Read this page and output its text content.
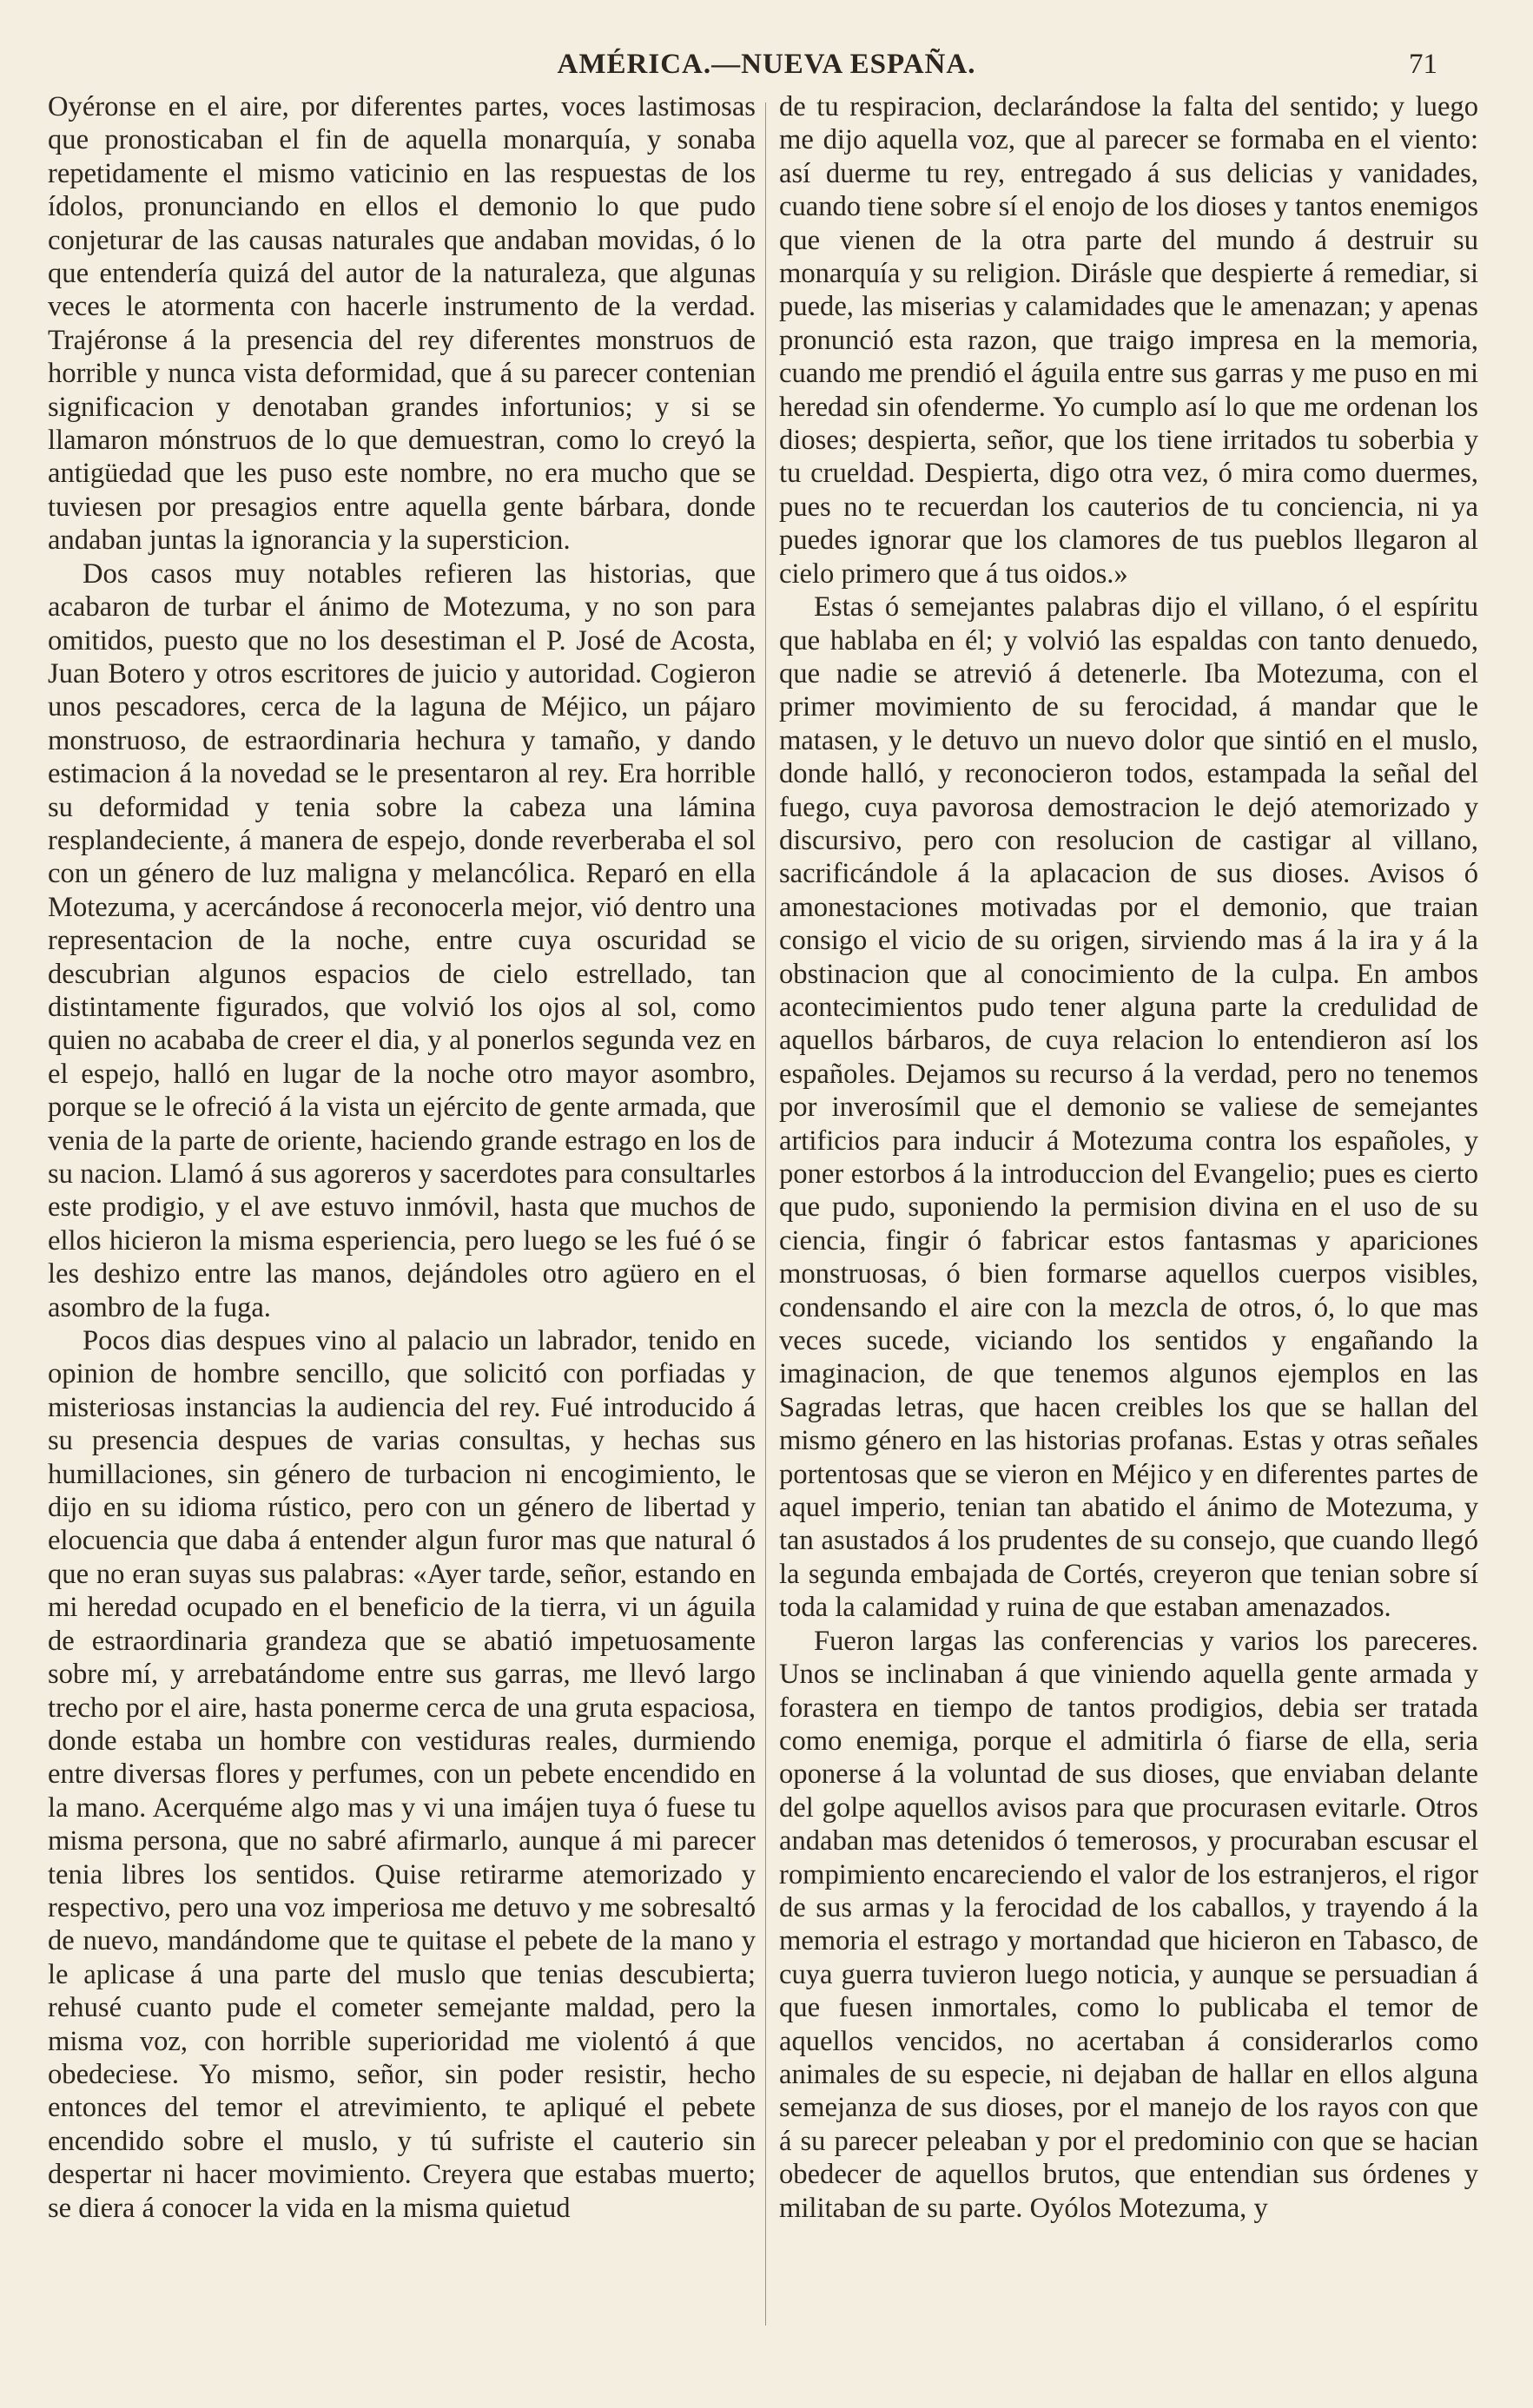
AMÉRICA.—NUEVA ESPAÑA.	71

Oyéronse en el aire, por diferentes partes, voces lastimosas que pronosticaban el fin de aquella monarquía, y sonaba repetidamente el mismo vaticinio en las respuestas de los ídolos, pronunciando en ellos el demonio lo que pudo conjeturar de las causas naturales que andaban movidas, ó lo que entendería quizá del autor de la naturaleza, que algunas veces le atormenta con hacerle instrumento de la verdad. Trajéronse á la presencia del rey diferentes monstruos de horrible y nunca vista deformidad, que á su parecer contenian significacion y denotaban grandes infortunios; y si se llamaron mónstruos de lo que demuestran, como lo creyó la antigüedad que les puso este nombre, no era mucho que se tuviesen por presagios entre aquella gente bárbara, donde andaban juntas la ignorancia y la supersticion.

Dos casos muy notables refieren las historias, que acabaron de turbar el ánimo de Motezuma, y no son para omitidos, puesto que no los desestiman el P. José de Acosta, Juan Botero y otros escritores de juicio y autoridad. Cogieron unos pescadores, cerca de la laguna de Méjico, un pájaro monstruoso, de estraordinaria hechura y tamaño, y dando estimacion á la novedad se le presentaron al rey. Era horrible su deformidad y tenia sobre la cabeza una lámina resplandeciente, á manera de espejo, donde reverberaba el sol con un género de luz maligna y melancólica. Reparó en ella Motezuma, y acercándose á reconocerla mejor, vió dentro una representacion de la noche, entre cuya oscuridad se descubrian algunos espacios de cielo estrellado, tan distintamente figurados, que volvió los ojos al sol, como quien no acababa de creer el dia, y al ponerlos segunda vez en el espejo, halló en lugar de la noche otro mayor asombro, porque se le ofreció á la vista un ejército de gente armada, que venia de la parte de oriente, haciendo grande estrago en los de su nacion. Llamó á sus agoreros y sacerdotes para consultarles este prodigio, y el ave estuvo inmóvil, hasta que muchos de ellos hicieron la misma esperiencia, pero luego se les fué ó se les deshizo entre las manos, dejándoles otro agüero en el asombro de la fuga.

Pocos dias despues vino al palacio un labrador, tenido en opinion de hombre sencillo, que solicitó con porfiadas y misteriosas instancias la audiencia del rey. Fué introducido á su presencia despues de varias consultas, y hechas sus humillaciones, sin género de turbacion ni encogimiento, le dijo en su idioma rústico, pero con un género de libertad y elocuencia que daba á entender algun furor mas que natural ó que no eran suyas sus palabras: «Ayer tarde, señor, estando en mi heredad ocupado en el beneficio de la tierra, vi un águila de estraordinaria grandeza que se abatió impetuosamente sobre mí, y arrebatándome entre sus garras, me llevó largo trecho por el aire, hasta ponerme cerca de una gruta espaciosa, donde estaba un hombre con vestiduras reales, durmiendo entre diversas flores y perfumes, con un pebete encendido en la mano. Acerquéme algo mas y vi una imájen tuya ó fuese tu misma persona, que no sabré afirmarlo, aunque á mi parecer tenia libres los sentidos. Quise retirarme atemorizado y respectivo, pero una voz imperiosa me detuvo y me sobresaltó de nuevo, mandándome que te quitase el pebete de la mano y le aplicase á una parte del muslo que tenias descubierta; rehusé cuanto pude el cometer semejante maldad, pero la misma voz, con horrible superioridad me violentó á que obedeciese. Yo mismo, señor, sin poder resistir, hecho entonces del temor el atrevimiento, te apliqué el pebete encendido sobre el muslo, y tú sufriste el cauterio sin despertar ni hacer movimiento. Creyera que estabas muerto; se diera á conocer la vida en la misma quietud

de tu respiracion, declarándose la falta del sentido; y luego me dijo aquella voz, que al parecer se formaba en el viento: así duerme tu rey, entregado á sus delicias y vanidades, cuando tiene sobre sí el enojo de los dioses y tantos enemigos que vienen de la otra parte del mundo á destruir su monarquía y su religion. Dirásle que despierte á remediar, si puede, las miserias y calamidades que le amenazan; y apenas pronunció esta razon, que traigo impresa en la memoria, cuando me prendió el águila entre sus garras y me puso en mi heredad sin ofenderme. Yo cumplo así lo que me ordenan los dioses; despierta, señor, que los tiene irritados tu soberbia y tu crueldad. Despierta, digo otra vez, ó mira como duermes, pues no te recuerdan los cauterios de tu conciencia, ni ya puedes ignorar que los clamores de tus pueblos llegaron al cielo primero que á tus oidos.»

Estas ó semejantes palabras dijo el villano, ó el espíritu que hablaba en él; y volvió las espaldas con tanto denuedo, que nadie se atrevió á detenerle. Iba Motezuma, con el primer movimiento de su ferocidad, á mandar que le matasen, y le detuvo un nuevo dolor que sintió en el muslo, donde halló, y reconocieron todos, estampada la señal del fuego, cuya pavorosa demostracion le dejó atemorizado y discursivo, pero con resolucion de castigar al villano, sacrificándole á la aplacacion de sus dioses. Avisos ó amonestaciones motivadas por el demonio, que traian consigo el vicio de su origen, sirviendo mas á la ira y á la obstinacion que al conocimiento de la culpa. En ambos acontecimientos pudo tener alguna parte la credulidad de aquellos bárbaros, de cuya relacion lo entendieron así los españoles. Dejamos su recurso á la verdad, pero no tenemos por inverosímil que el demonio se valiese de semejantes artificios para inducir á Motezuma contra los españoles, y poner estorbos á la introduccion del Evangelio; pues es cierto que pudo, suponiendo la permision divina en el uso de su ciencia, fingir ó fabricar estos fantasmas y apariciones monstruosas, ó bien formarse aquellos cuerpos visibles, condensando el aire con la mezcla de otros, ó, lo que mas veces sucede, viciando los sentidos y engañando la imaginacion, de que tenemos algunos ejemplos en las Sagradas letras, que hacen creibles los que se hallan del mismo género en las historias profanas. Estas y otras señales portentosas que se vieron en Méjico y en diferentes partes de aquel imperio, tenian tan abatido el ánimo de Motezuma, y tan asustados á los prudentes de su consejo, que cuando llegó la segunda embajada de Cortés, creyeron que tenian sobre sí toda la calamidad y ruina de que estaban amenazados.

Fueron largas las conferencias y varios los pareceres. Unos se inclinaban á que viniendo aquella gente armada y forastera en tiempo de tantos prodigios, debia ser tratada como enemiga, porque el admitirla ó fiarse de ella, seria oponerse á la voluntad de sus dioses, que enviaban delante del golpe aquellos avisos para que procurasen evitarle. Otros andaban mas detenidos ó temerosos, y procuraban escusar el rompimiento encareciendo el valor de los estranjeros, el rigor de sus armas y la ferocidad de los caballos, y trayendo á la memoria el estrago y mortandad que hicieron en Tabasco, de cuya guerra tuvieron luego noticia, y aunque se persuadian á que fuesen inmortales, como lo publicaba el temor de aquellos vencidos, no acertaban á considerarlos como animales de su especie, ni dejaban de hallar en ellos alguna semejanza de sus dioses, por el manejo de los rayos con que á su parecer peleaban y por el predominio con que se hacian obedecer de aquellos brutos, que entendian sus órdenes y militaban de su parte. Oyólos Motezuma, y
